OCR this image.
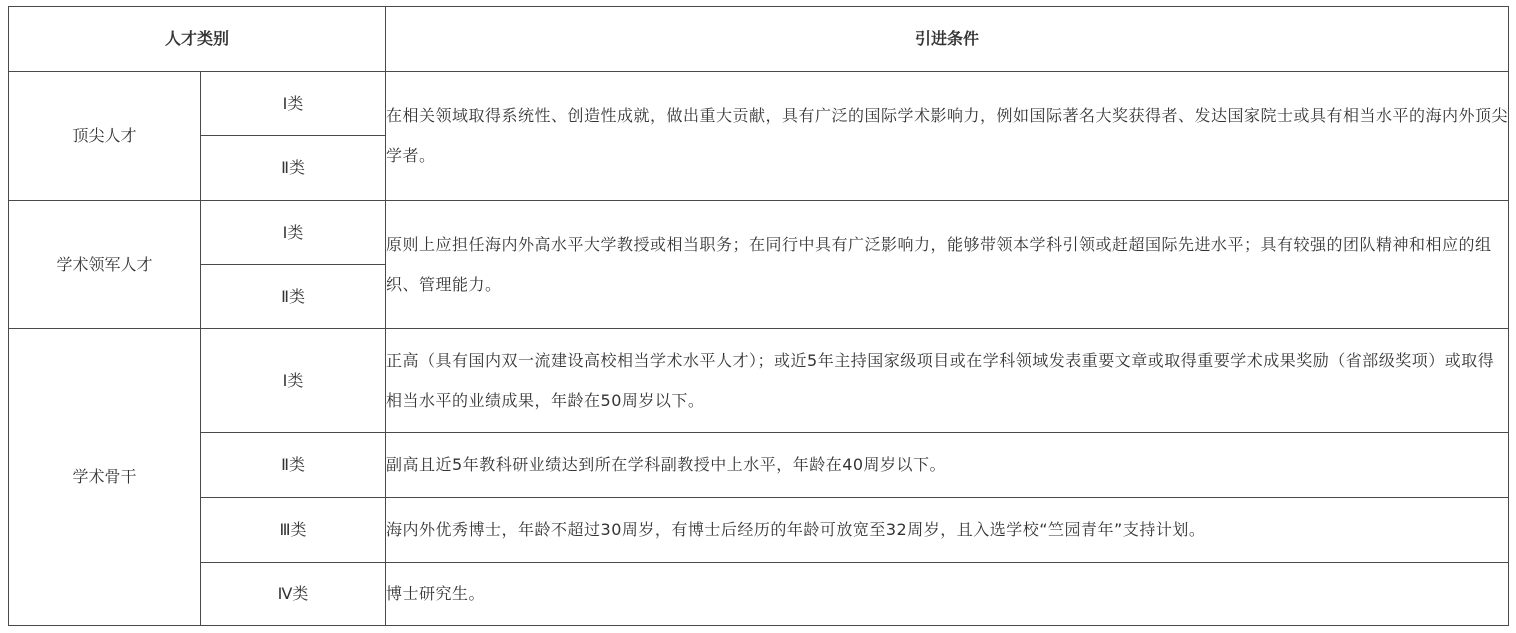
人才类别		引进条件
顶尖人才	Ⅰ类	在相关领域取得系统性、创造性成就，做出重大贡献，具有广泛的国际学术影响力，例如国际著名大奖获得者、发达国家院士或具有相当水平的海内外顶尖学者。
	Ⅱ类	
学术领军人才	Ⅰ类	原则上应担任海内外高水平大学教授或相当职务；在同行中具有广泛影响力，能够带领本学科引领或赶超国际先进水平；具有较强的团队精神和相应的组织、管理能力。
	Ⅱ类	
学术骨干	Ⅰ类	正高（具有国内双一流建设高校相当学术水平人才）；或近5年主持国家级项目或在学科领域发表重要文章或取得重要学术成果奖励（省部级奖项）或取得相当水平的业绩成果，年龄在50周岁以下。
	Ⅱ类	副高且近5年教科研业绩达到所在学科副教授中上水平，年龄在40周岁以下。
	Ⅲ类	海内外优秀博士，年龄不超过30周岁，有博士后经历的年龄可放宽至32周岁，且入选学校“竺园青年”支持计划。
	Ⅳ类	博士研究生。
